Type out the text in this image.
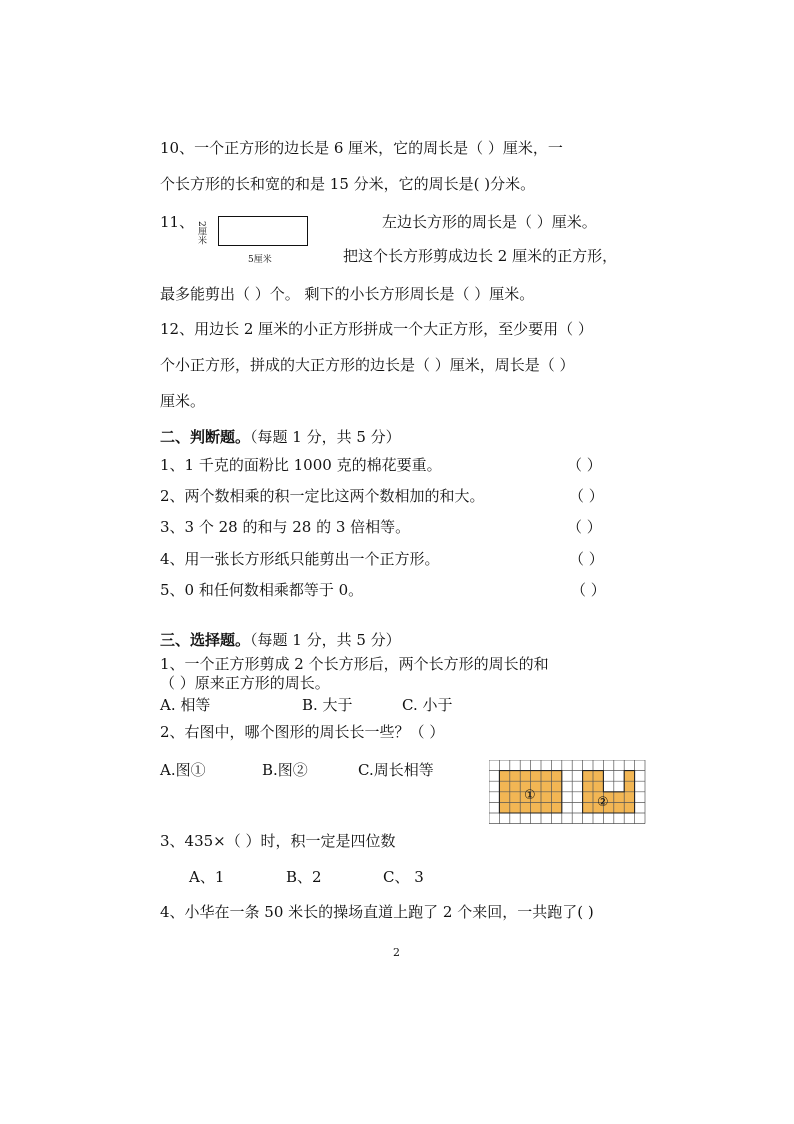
10、一个正方形的边长是 6 厘米，它的周长是（ ）厘米，一
个长方形的长和宽的和是 15 分米，它的周长是( )分米。
11、 2厘米
5厘米
左边长方形的周长是（ ）厘米。
把这个长方形剪成边长 2 厘米的正方形，
最多能剪出（ ）个。 剩下的小长方形周长是（ ）厘米。
12、用边长 2 厘米的小正方形拼成一个大正方形，至少要用（ ）
个小正方形，拼成的大正方形的边长是（ ）厘米，周长是（ ）
厘米。
二、判断题。（每题 1 分，共 5 分）
1、1 千克的面粉比 1000 克的棉花要重。	（ ）
2、两个数相乘的积一定比这两个数相加的和大。	（ ）
3、3 个 28 的和与 28 的 3 倍相等。	（ ）
4、用一张长方形纸只能剪出一个正方形。	（ ）
5、0 和任何数相乘都等于 0。	（ ）
三、选择题。（每题 1 分，共 5 分）
1、一个正方形剪成 2 个长方形后，两个长方形的周长的和
（ ）原来正方形的周长。
A. 相等	B. 大于	C. 小于
2、右图中，哪个图形的周长长一些？（ ）
A.图①	B.图②	C.周长相等
①	②
3、435×（ ）时，积一定是四位数
A、1	B、2	C、 3
4、小华在一条 50 米长的操场直道上跑了 2 个来回，一共跑了( )
2
